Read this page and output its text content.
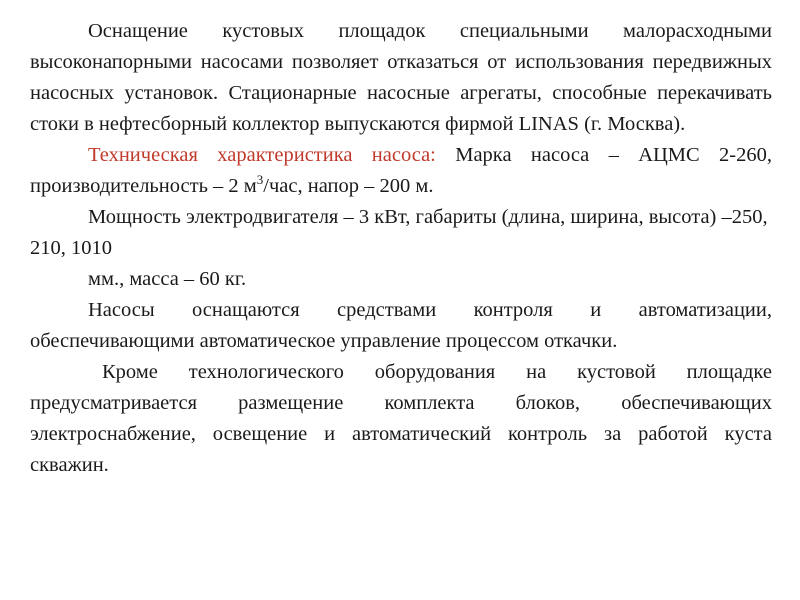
Оснащение кустовых площадок специальными малорасходными высоконапорными насосами позволяет отказаться от использования передвижных насосных установок. Стационарные насосные агрегаты, способные перекачивать стоки в нефтесборный коллектор выпускаются фирмой LINAS (г. Москва).

Техническая характеристика насоса: Марка насоса – АЦМС 2-260, производительность – 2 $м^3$/час, напор – 200 м.

Мощность электродвигателя – 3 кВт, габариты (длина, ширина, высота) –250, 210, 1010

мм., масса – 60 кг.

Насосы оснащаются средствами контроля и автоматизации, обеспечивающими автоматическое управление процессом откачки.

Кроме технологического оборудования на кустовой площадке предусматривается размещение комплекта блоков, обеспечивающих электроснабжение, освещение и автоматический контроль за работой куста скважин.
